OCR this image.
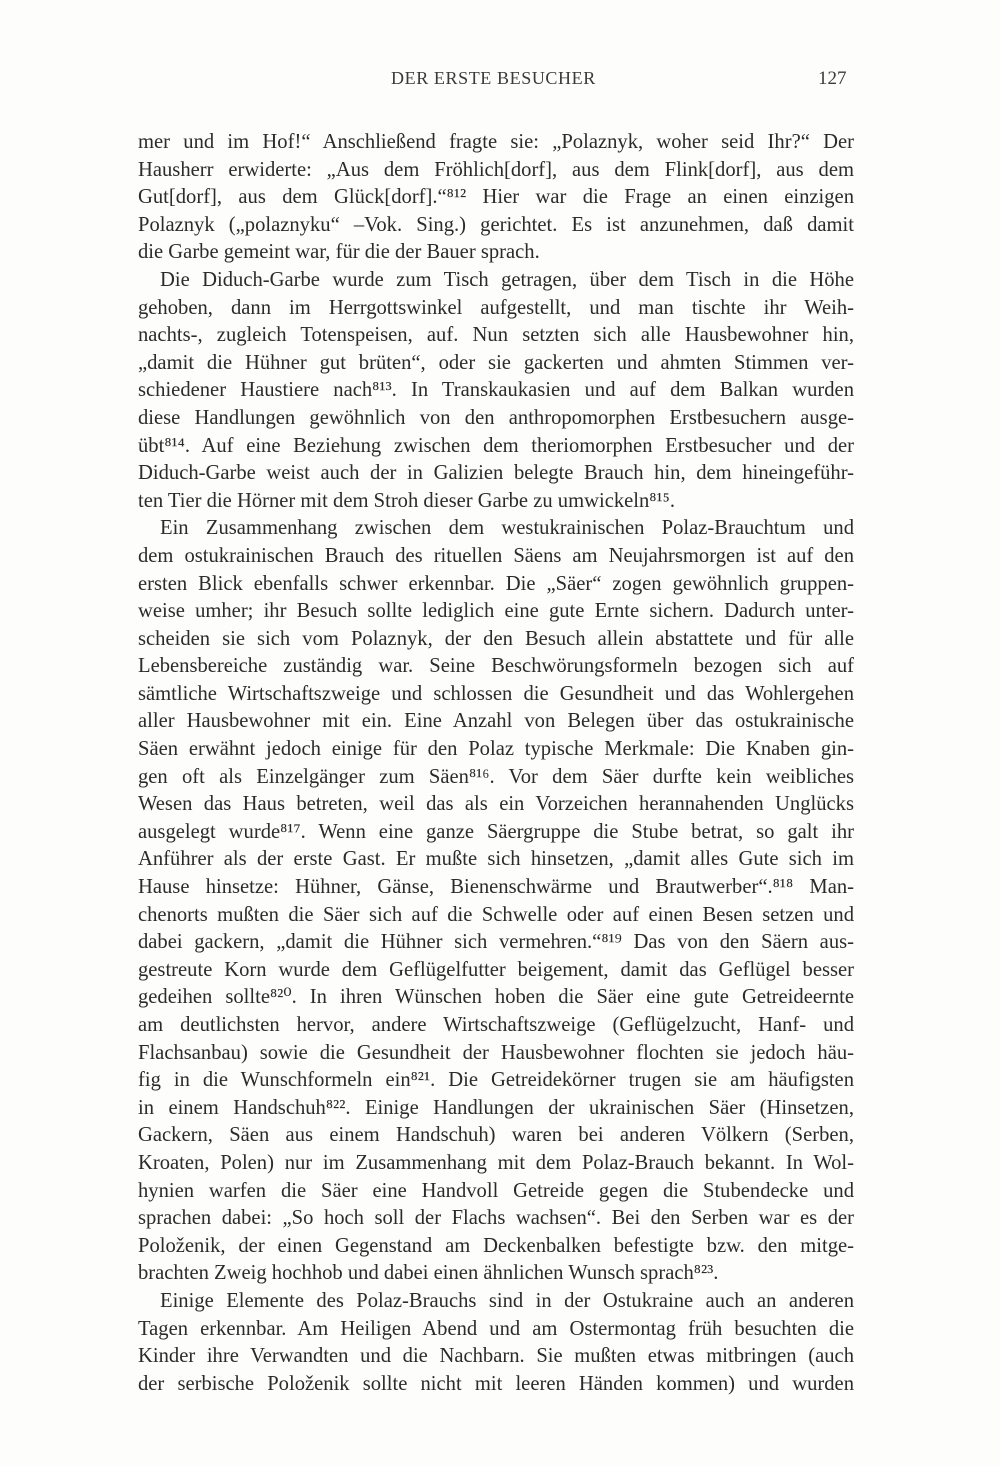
DER ERSTE BESUCHER	127
mer und im Hof!“ Anschließend fragte sie: „Polaznyk, woher seid Ihr?“ Der
Hausherr erwiderte: „Aus dem Fröhlich[dorf], aus dem Flink[dorf], aus dem
Gut[dorf], aus dem Glück[dorf].“⁸¹² Hier war die Frage an einen einzigen
Polaznyk („polaznyku“ –Vok. Sing.) gerichtet. Es ist anzunehmen, daß damit
die Garbe gemeint war, für die der Bauer sprach.
Die Diduch-Garbe wurde zum Tisch getragen, über dem Tisch in die Höhe
gehoben, dann im Herrgottswinkel aufgestellt, und man tischte ihr Weih-
nachts-, zugleich Totenspeisen, auf. Nun setzten sich alle Hausbewohner hin,
„damit die Hühner gut brüten“, oder sie gackerten und ahmten Stimmen ver-
schiedener Haustiere nach⁸¹³. In Transkaukasien und auf dem Balkan wurden
diese Handlungen gewöhnlich von den anthropomorphen Erstbesuchern ausge-
übt⁸¹⁴. Auf eine Beziehung zwischen dem theriomorphen Erstbesucher und der
Diduch-Garbe weist auch der in Galizien belegte Brauch hin, dem hineingeführ-
ten Tier die Hörner mit dem Stroh dieser Garbe zu umwickeln⁸¹⁵.
Ein Zusammenhang zwischen dem westukrainischen Polaz-Brauchtum und
dem ostukrainischen Brauch des rituellen Säens am Neujahrsmorgen ist auf den
ersten Blick ebenfalls schwer erkennbar. Die „Säer“ zogen gewöhnlich gruppen-
weise umher; ihr Besuch sollte lediglich eine gute Ernte sichern. Dadurch unter-
scheiden sie sich vom Polaznyk, der den Besuch allein abstattete und für alle
Lebensbereiche zuständig war. Seine Beschwörungsformeln bezogen sich auf
sämtliche Wirtschaftszweige und schlossen die Gesundheit und das Wohlergehen
aller Hausbewohner mit ein. Eine Anzahl von Belegen über das ostukrainische
Säen erwähnt jedoch einige für den Polaz typische Merkmale: Die Knaben gin-
gen oft als Einzelgänger zum Säen⁸¹⁶. Vor dem Säer durfte kein weibliches
Wesen das Haus betreten, weil das als ein Vorzeichen herannahenden Unglücks
ausgelegt wurde⁸¹⁷. Wenn eine ganze Säergruppe die Stube betrat, so galt ihr
Anführer als der erste Gast. Er mußte sich hinsetzen, „damit alles Gute sich im
Hause hinsetze: Hühner, Gänse, Bienenschwärme und Brautwerber“.⁸¹⁸ Man-
chenorts mußten die Säer sich auf die Schwelle oder auf einen Besen setzen und
dabei gackern, „damit die Hühner sich vermehren.“⁸¹⁹ Das von den Säern aus-
gestreute Korn wurde dem Geflügelfutter beigement, damit das Geflügel besser
gedeihen sollte⁸²⁰. In ihren Wünschen hoben die Säer eine gute Getreideernte
am deutlichsten hervor, andere Wirtschaftszweige (Geflügelzucht, Hanf- und
Flachsanbau) sowie die Gesundheit der Hausbewohner flochten sie jedoch häu-
fig in die Wunschformeln ein⁸²¹. Die Getreidekörner trugen sie am häufigsten
in einem Handschuh⁸²². Einige Handlungen der ukrainischen Säer (Hinsetzen,
Gackern, Säen aus einem Handschuh) waren bei anderen Völkern (Serben,
Kroaten, Polen) nur im Zusammenhang mit dem Polaz-Brauch bekannt. In Wol-
hynien warfen die Säer eine Handvoll Getreide gegen die Stubendecke und
sprachen dabei: „So hoch soll der Flachs wachsen“. Bei den Serben war es der
Položenik, der einen Gegenstand am Deckenbalken befestigte bzw. den mitge-
brachten Zweig hochhob und dabei einen ähnlichen Wunsch sprach⁸²³.
Einige Elemente des Polaz-Brauchs sind in der Ostukraine auch an anderen
Tagen erkennbar. Am Heiligen Abend und am Ostermontag früh besuchten die
Kinder ihre Verwandten und die Nachbarn. Sie mußten etwas mitbringen (auch
der serbische Položenik sollte nicht mit leeren Händen kommen) und wurden
